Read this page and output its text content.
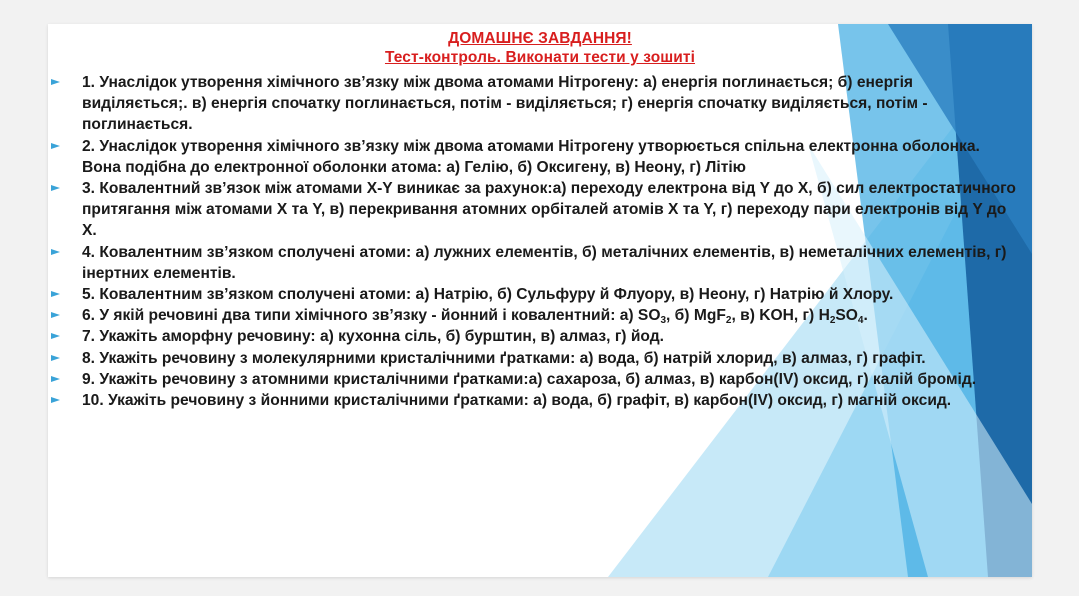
ДОМАШНЄ ЗАВДАННЯ!
Тест-контроль. Виконати тести у зошиті
1. Унаслідок утворення хімічного зв’язку між двома атомами Нітрогену: а) енергія поглинається; б) енергія виділяється;. в) енергія спочатку поглинається, потім - виділяється; г) енергія спочатку виділяється, потім - поглинається.
2. Унаслідок утворення хімічного зв’язку між двома атомами Нітрогену утворюється спільна електронна оболонка. Вона подібна до електронної оболонки атома: а) Гелію, б) Оксигену, в) Неону, г) Літію
3. Ковалентний зв’язок між атомами Х-Y виникає за рахунок:а) переходу електрона від Y до Х, б) сил електростатичного притягання між атомами Х та Y, в) перекривання атомних орбіталей атомів Х та Y, г) переходу пари електронів від Y до Х.
4. Ковалентним зв’язком сполучені атоми: а) лужних елементів, б) металічних елементів, в) неметалічних елементів, г) інертних елементів.
5. Ковалентним зв’язком сполучені атоми: а) Натрію, б) Сульфуру й Флуору, в) Неону, г) Натрію й Хлору.
6. У якій речовині два типи хімічного зв’язку - йонний і ковалентний: а) $SO_3$, б) MgF$_2$, в) KOH, г) $H_2SO_4$.
7. Укажіть аморфну речовину: а) кухонна сіль, б) бурштин, в) алмаз, г) йод.
8. Укажіть речовину з молекулярними кристалічними ґратками: а) вода, б) натрій хлорид, в) алмаз, г) графіт.
9. Укажіть речовину з атомними кристалічними ґратками:а) сахароза, б) алмаз, в) карбон(IV) оксид, г) калій бромід.
10. Укажіть речовину з йонними кристалічними ґратками: а) вода, б) графіт, в) карбон(IV) оксид, г) магній оксид.
